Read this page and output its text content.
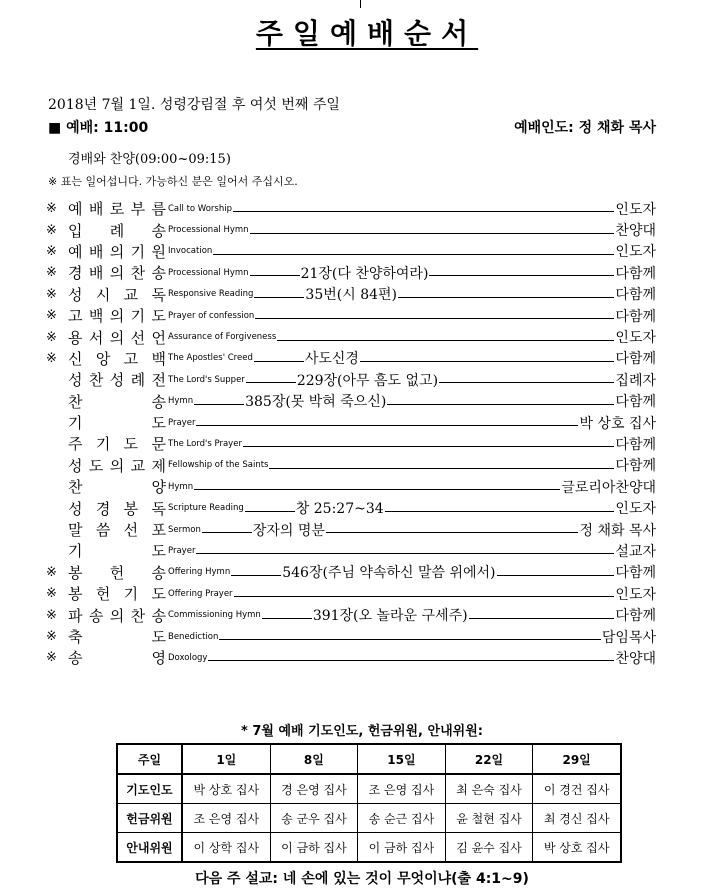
주일예배순서
2018년 7월 1일. 성령강림절 후 여섯 번째 주일
■ 예배: 11:00	예배인도: 정 채화 목사
경배와 찬양(09:00~09:15)
※ 표는 일어섭니다. 가능하신 분은 일어서 주십시오.
※ 예 배 로 부 름 Call to Worship	인도자
※ 입 례 송 Processional Hymn	찬양대
※ 예 배 의 기 원 Invocation	인도자
※ 경 배 의 찬 송 Processional Hymn	21장(다 찬양하여라)	다함께
※ 성 시 교 독 Responsive Reading	35번(시 84편)	다함께
※ 고 백 의 기 도 Prayer of confession	다함께
※ 용 서 의 선 언 Assurance of Forgiveness	인도자
※ 신 앙 고 백 The Apostles' Creed	사도신경	다함께
성 찬 성 례 전 The Lord's Supper	229장(아무 흠도 없고)	집례자
찬	송 Hymn	385장(못 박혀 죽으신)	다함께
기	도 Prayer	박 상호 집사
주 기 도 문 The Lord's Prayer	다함께
성 도 의 교 제 Fellowship of the Saints	다함께
찬	양 Hymn	글로리아찬양대
성 경 봉 독 Scripture Reading	창 25:27~34	인도자
말 씀 선 포 Sermon	장자의 명분	정 채화 목사
기	도 Prayer	설교자
※ 봉 헌 송 Offering Hymn	546장(주님 약속하신 말씀 위에서)	다함께
※ 봉 헌 기 도 Offering Prayer	인도자
※ 파 송 의 찬 송 Commissioning Hymn	391장(오 놀라운 구세주)	다함께
※ 축	도 Benediction	담임목사
※ 송	영 Doxology	찬양대
* 7월 예배 기도인도, 헌금위원, 안내위원:
주일	1일	8일	15일	22일	29일
기도인도	박 상호 집사	경 은영 집사	조 은영 집사	최 은숙 집사	이 경건 집사
헌금위원	조 은영 집사	송 군우 집사	송 순근 집사	윤 철현 집사	최 경신 집사
안내위원	이 상학 집사	이 금하 집사	이 금하 집사	김 윤수 집사	박 상호 집사
다음 주 설교: 네 손에 있는 것이 무엇이냐(출 4:1~9)
